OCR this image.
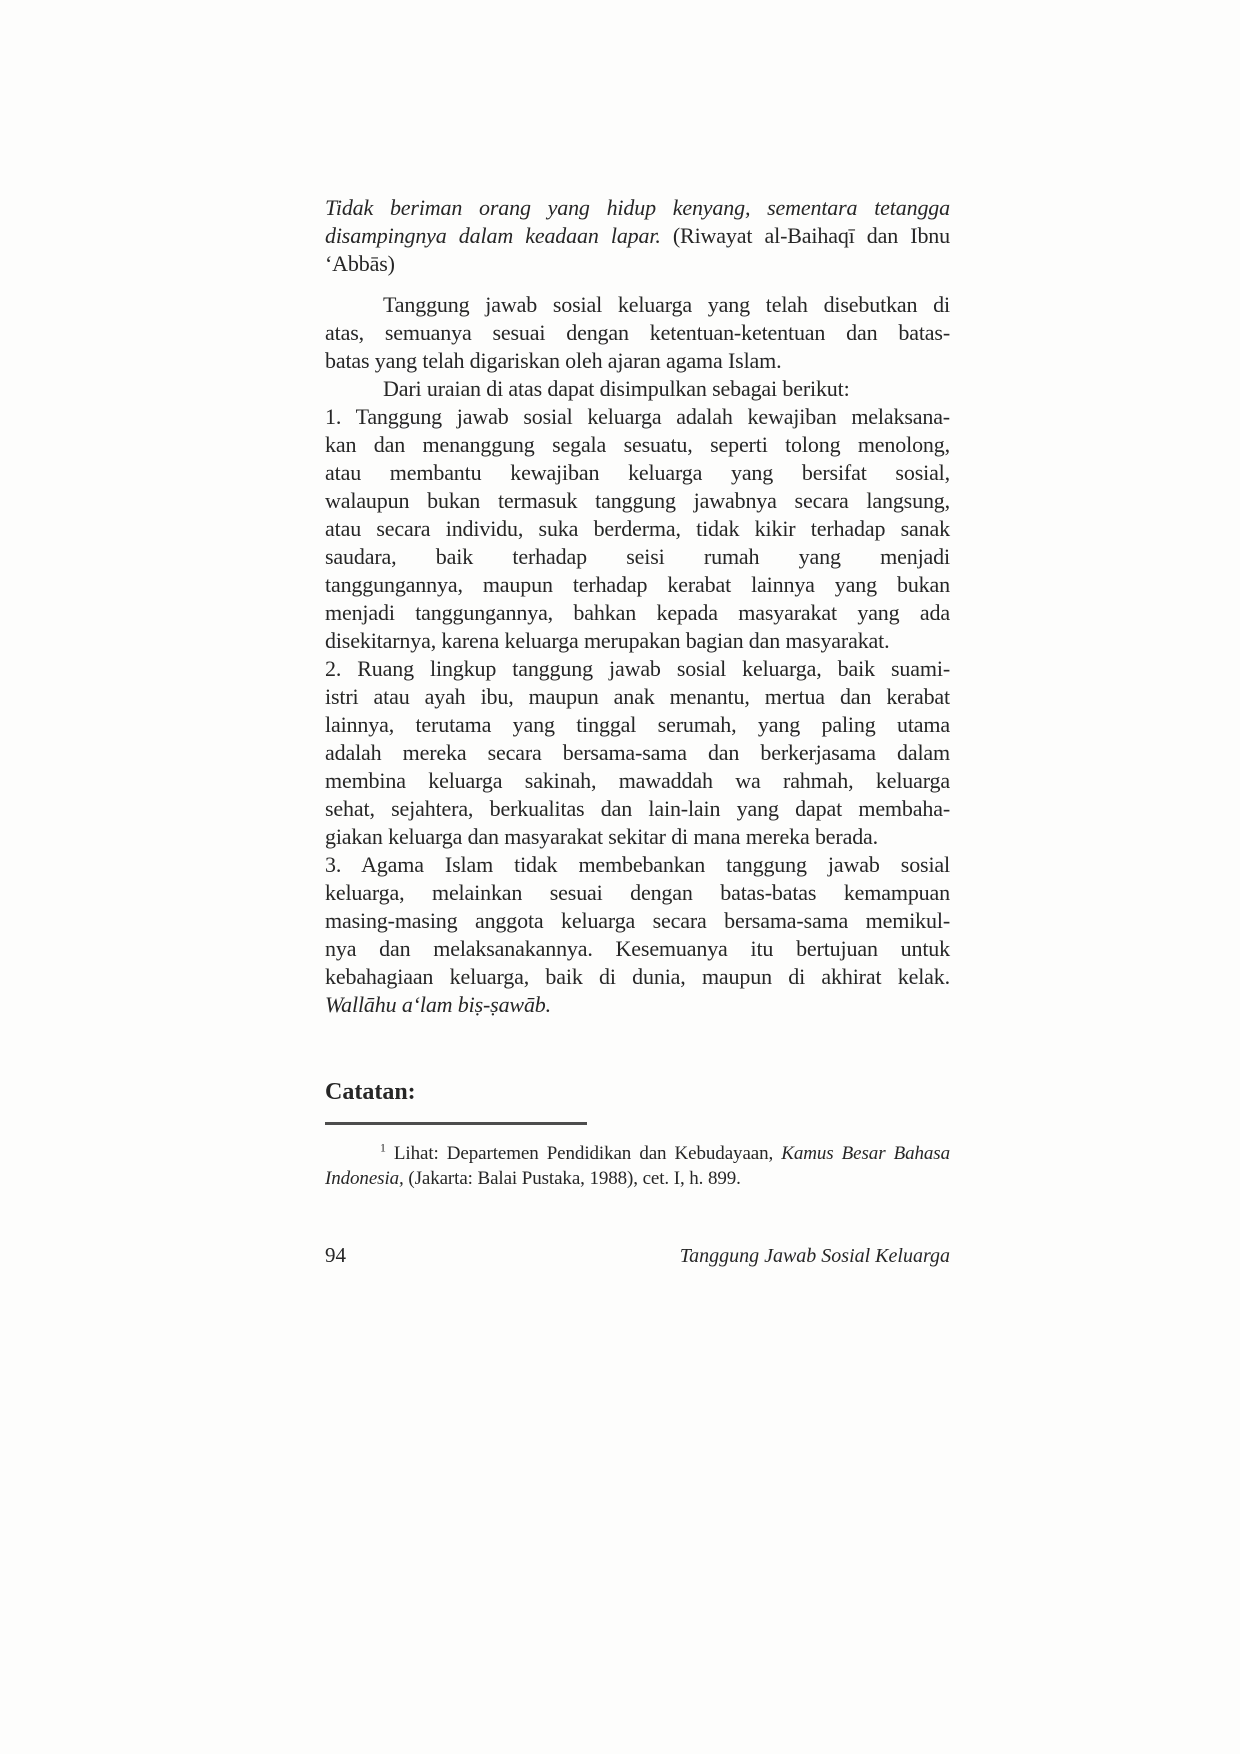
Tidak beriman orang yang hidup kenyang, sementara tetangga
disampingnya dalam keadaan lapar. (Riwayat al-Baihaqī dan Ibnu
‘Abbās)
Tanggung jawab sosial keluarga yang telah disebutkan di
atas, semuanya sesuai dengan ketentuan-ketentuan dan batas-
batas yang telah digariskan oleh ajaran agama Islam.
Dari uraian di atas dapat disimpulkan sebagai berikut:
1. Tanggung jawab sosial keluarga adalah kewajiban melaksana-
kan dan menanggung segala sesuatu, seperti tolong menolong,
atau membantu kewajiban keluarga yang bersifat sosial,
walaupun bukan termasuk tanggung jawabnya secara langsung,
atau secara individu, suka berderma, tidak kikir terhadap sanak
saudara, baik terhadap seisi rumah yang menjadi
tanggungannya, maupun terhadap kerabat lainnya yang bukan
menjadi tanggungannya, bahkan kepada masyarakat yang ada
disekitarnya, karena keluarga merupakan bagian dan masyarakat.
2. Ruang lingkup tanggung jawab sosial keluarga, baik suami-
istri atau ayah ibu, maupun anak menantu, mertua dan kerabat
lainnya, terutama yang tinggal serumah, yang paling utama
adalah mereka secara bersama-sama dan berkerjasama dalam
membina keluarga sakinah, mawaddah wa rahmah, keluarga
sehat, sejahtera, berkualitas dan lain-lain yang dapat membaha-
giakan keluarga dan masyarakat sekitar di mana mereka berada.
3. Agama Islam tidak membebankan tanggung jawab sosial
keluarga, melainkan sesuai dengan batas-batas kemampuan
masing-masing anggota keluarga secara bersama-sama memikul-
nya dan melaksanakannya. Kesemuanya itu bertujuan untuk
kebahagiaan keluarga, baik di dunia, maupun di akhirat kelak.
Wallāhu a‘lam biṣ-ṣawāb.
Catatan:
$^1$ Lihat: Departemen Pendidikan dan Kebudayaan, Kamus Besar Bahasa
Indonesia, (Jakarta: Balai Pustaka, 1988), cet. I, h. 899.
94	Tanggung Jawab Sosial Keluarga
